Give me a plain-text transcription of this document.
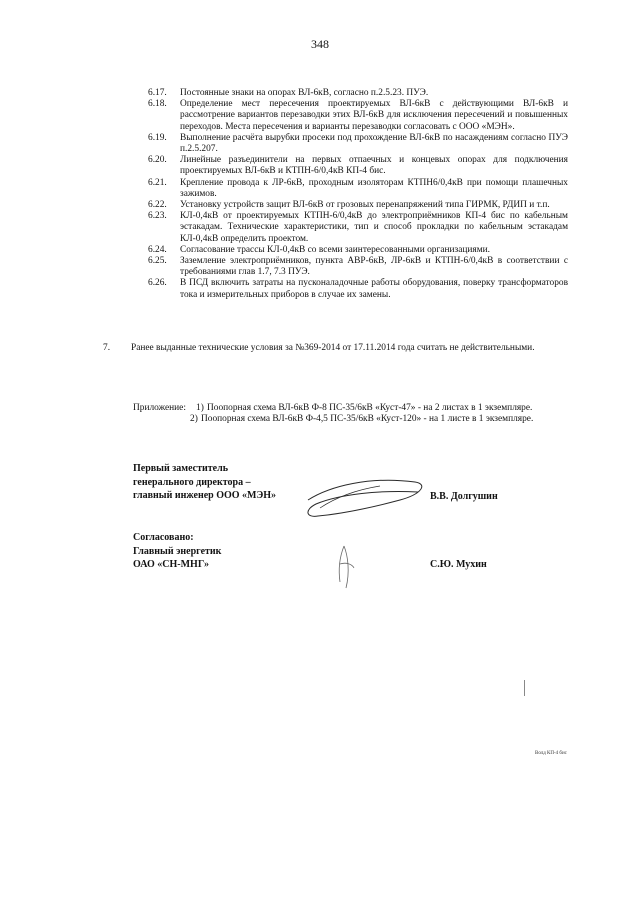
348
6.17.	Постоянные знаки на опорах ВЛ-6кВ, согласно п.2.5.23. ПУЭ.
6.18.	Определение мест пересечения проектируемых ВЛ-6кВ с действующими ВЛ-6кВ и рассмотрение вариантов перезаводки этих ВЛ-6кВ для исключения пересечений и повышенных переходов. Места пересечения и варианты перезаводки согласовать с ООО «МЭН».
6.19.	Выполнение расчёта вырубки просеки под прохождение ВЛ-6кВ по насаждениям согласно ПУЭ п.2.5.207.
6.20.	Линейные разъединители на первых отпаечных и концевых опорах для подключения проектируемых ВЛ-6кВ и КТПН-6/0,4кВ КП-4 бис.
6.21.	Крепление провода к ЛР-6кВ, проходным изоляторам КТПН6/0,4кВ при помощи плашечных зажимов.
6.22.	Установку устройств защит ВЛ-6кВ от грозовых перенапряжений типа ГИРМК, РДИП и т.п.
6.23.	КЛ-0,4кВ от проектируемых КТПН-6/0,4кВ до электроприёмников КП-4 бис по кабельным эстакадам. Технические характеристики, тип и способ прокладки по кабельным эстакадам КЛ-0,4кВ определить проектом.
6.24.	Согласование трассы КЛ-0,4кВ со всеми заинтересованными организациями.
6.25.	Заземление электроприёмников, пункта АВР-6кВ, ЛР-6кВ и КТПН-6/0,4кВ в соответствии с требованиями глав 1.7, 7.3 ПУЭ.
6.26.	В ПСД включить затраты на пусконаладочные работы оборудования, поверку трансформаторов тока и измерительных приборов в случае их замены.
7.	Ранее выданные технические условия за №369-2014 от 17.11.2014 года считать не действительными.
Приложение:	1) Поопорная схема ВЛ-6кВ Ф-8 ПС-35/6кВ «Куст-47» - на 2 листах в 1 экземпляре.
2) Поопорная схема ВЛ-6кВ Ф-4,5 ПС-35/6кВ «Куст-120» - на 1 листе в 1 экземпляре.
Первый заместитель
генерального директора –
главный инженер ООО «МЭН»	В.В. Долгушин
Согласовано:
Главный энергетик
ОАО «СН-МНГ»	С.Ю. Мухин
Волд КП-4 бис
